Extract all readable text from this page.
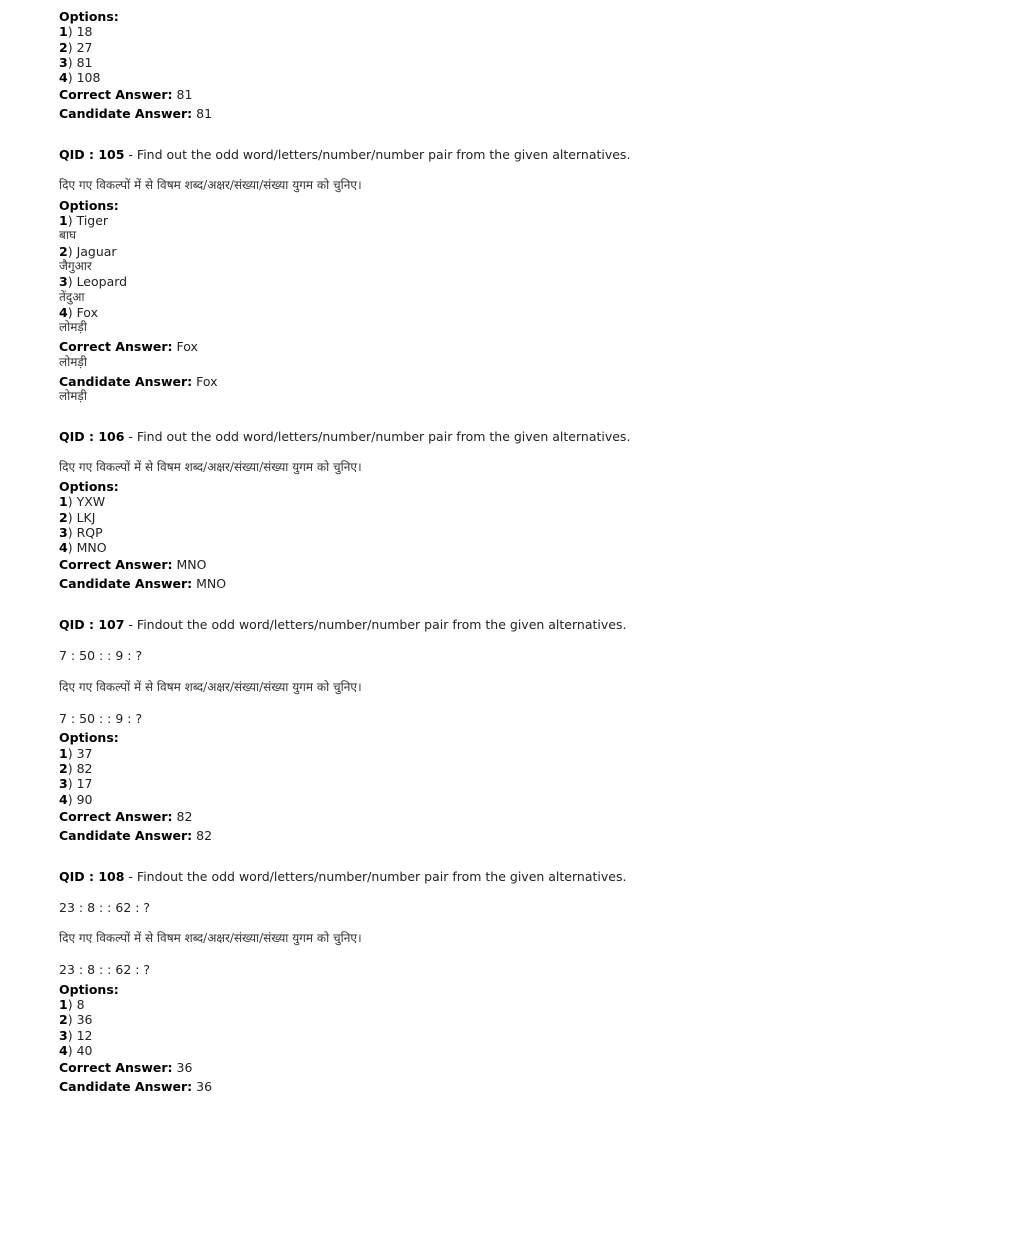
Options:
1) 18
2) 27
3) 81
4) 108
Correct Answer: 81
Candidate Answer: 81
QID : 105 - Find out the odd word/letters/number/number pair from the given alternatives.
दिए गए विकल्पों में से विषम शब्द/अक्षर/संख्या/संख्या युगम को चुनिए।
Options:
1) Tiger
बाघ
2) Jaguar
जैगुआर
3) Leopard
तेंदुआ
4) Fox
लोमड़ी
Correct Answer: Fox
लोमड़ी
Candidate Answer: Fox
लोमड़ी
QID : 106 - Find out the odd word/letters/number/number pair from the given alternatives.
दिए गए विकल्पों में से विषम शब्द/अक्षर/संख्या/संख्या युगम को चुनिए।
Options:
1) YXW
2) LKJ
3) RQP
4) MNO
Correct Answer: MNO
Candidate Answer: MNO
QID : 107 - Findout the odd word/letters/number/number pair from the given alternatives.
7 : 50 : : 9 : ?
दिए गए विकल्पों में से विषम शब्द/अक्षर/संख्या/संख्या युगम को चुनिए।
7 : 50 : : 9 : ?
Options:
1) 37
2) 82
3) 17
4) 90
Correct Answer: 82
Candidate Answer: 82
QID : 108 - Findout the odd word/letters/number/number pair from the given alternatives.
23 : 8 : : 62 : ?
दिए गए विकल्पों में से विषम शब्द/अक्षर/संख्या/संख्या युगम को चुनिए।
23 : 8 : : 62 : ?
Options:
1) 8
2) 36
3) 12
4) 40
Correct Answer: 36
Candidate Answer: 36
